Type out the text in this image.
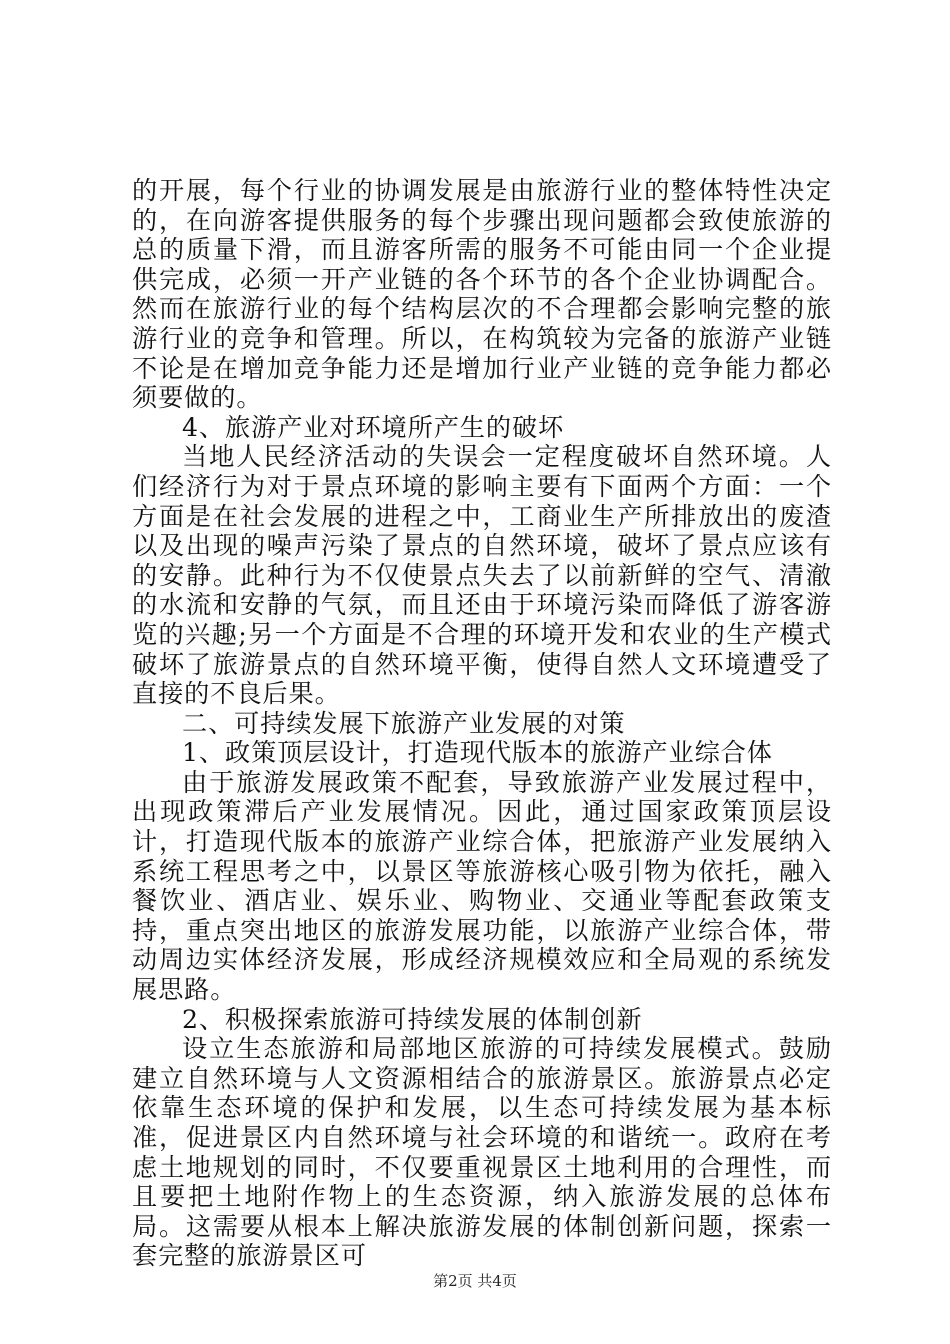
的开展，每个行业的协调发展是由旅游行业的整体特性决定的，在向游客提供服务的每个步骤出现问题都会致使旅游的总的质量下滑，而且游客所需的服务不可能由同一个企业提供完成，必须一开产业链的各个环节的各个企业协调配合。然而在旅游行业的每个结构层次的不合理都会影响完整的旅游行业的竞争和管理。所以，在构筑较为完备的旅游产业链不论是在增加竞争能力还是增加行业产业链的竞争能力都必须要做的。

4、旅游产业对环境所产生的破坏

当地人民经济活动的失误会一定程度破坏自然环境。人们经济行为对于景点环境的影响主要有下面两个方面：一个方面是在社会发展的进程之中，工商业生产所排放出的废渣以及出现的噪声污染了景点的自然环境，破坏了景点应该有的安静。此种行为不仅使景点失去了以前新鲜的空气、清澈的水流和安静的气氛，而且还由于环境污染而降低了游客游览的兴趣;另一个方面是不合理的环境开发和农业的生产模式破坏了旅游景点的自然环境平衡，使得自然人文环境遭受了直接的不良后果。

二、可持续发展下旅游产业发展的对策

1、政策顶层设计，打造现代版本的旅游产业综合体

由于旅游发展政策不配套，导致旅游产业发展过程中，出现政策滞后产业发展情况。因此，通过国家政策顶层设计，打造现代版本的旅游产业综合体，把旅游产业发展纳入系统工程思考之中，以景区等旅游核心吸引物为依托，融入餐饮业、酒店业、娱乐业、购物业、交通业等配套政策支持，重点突出地区的旅游发展功能，以旅游产业综合体，带动周边实体经济发展，形成经济规模效应和全局观的系统发展思路。

2、积极探索旅游可持续发展的体制创新

设立生态旅游和局部地区旅游的可持续发展模式。鼓励建立自然环境与人文资源相结合的旅游景区。旅游景点必定依靠生态环境的保护和发展，以生态可持续发展为基本标准，促进景区内自然环境与社会环境的和谐统一。政府在考虑土地规划的同时，不仅要重视景区土地利用的合理性，而且要把土地附作物上的生态资源，纳入旅游发展的总体布局。这需要从根本上解决旅游发展的体制创新问题，探索一套完整的旅游景区可

第2页 共4页
